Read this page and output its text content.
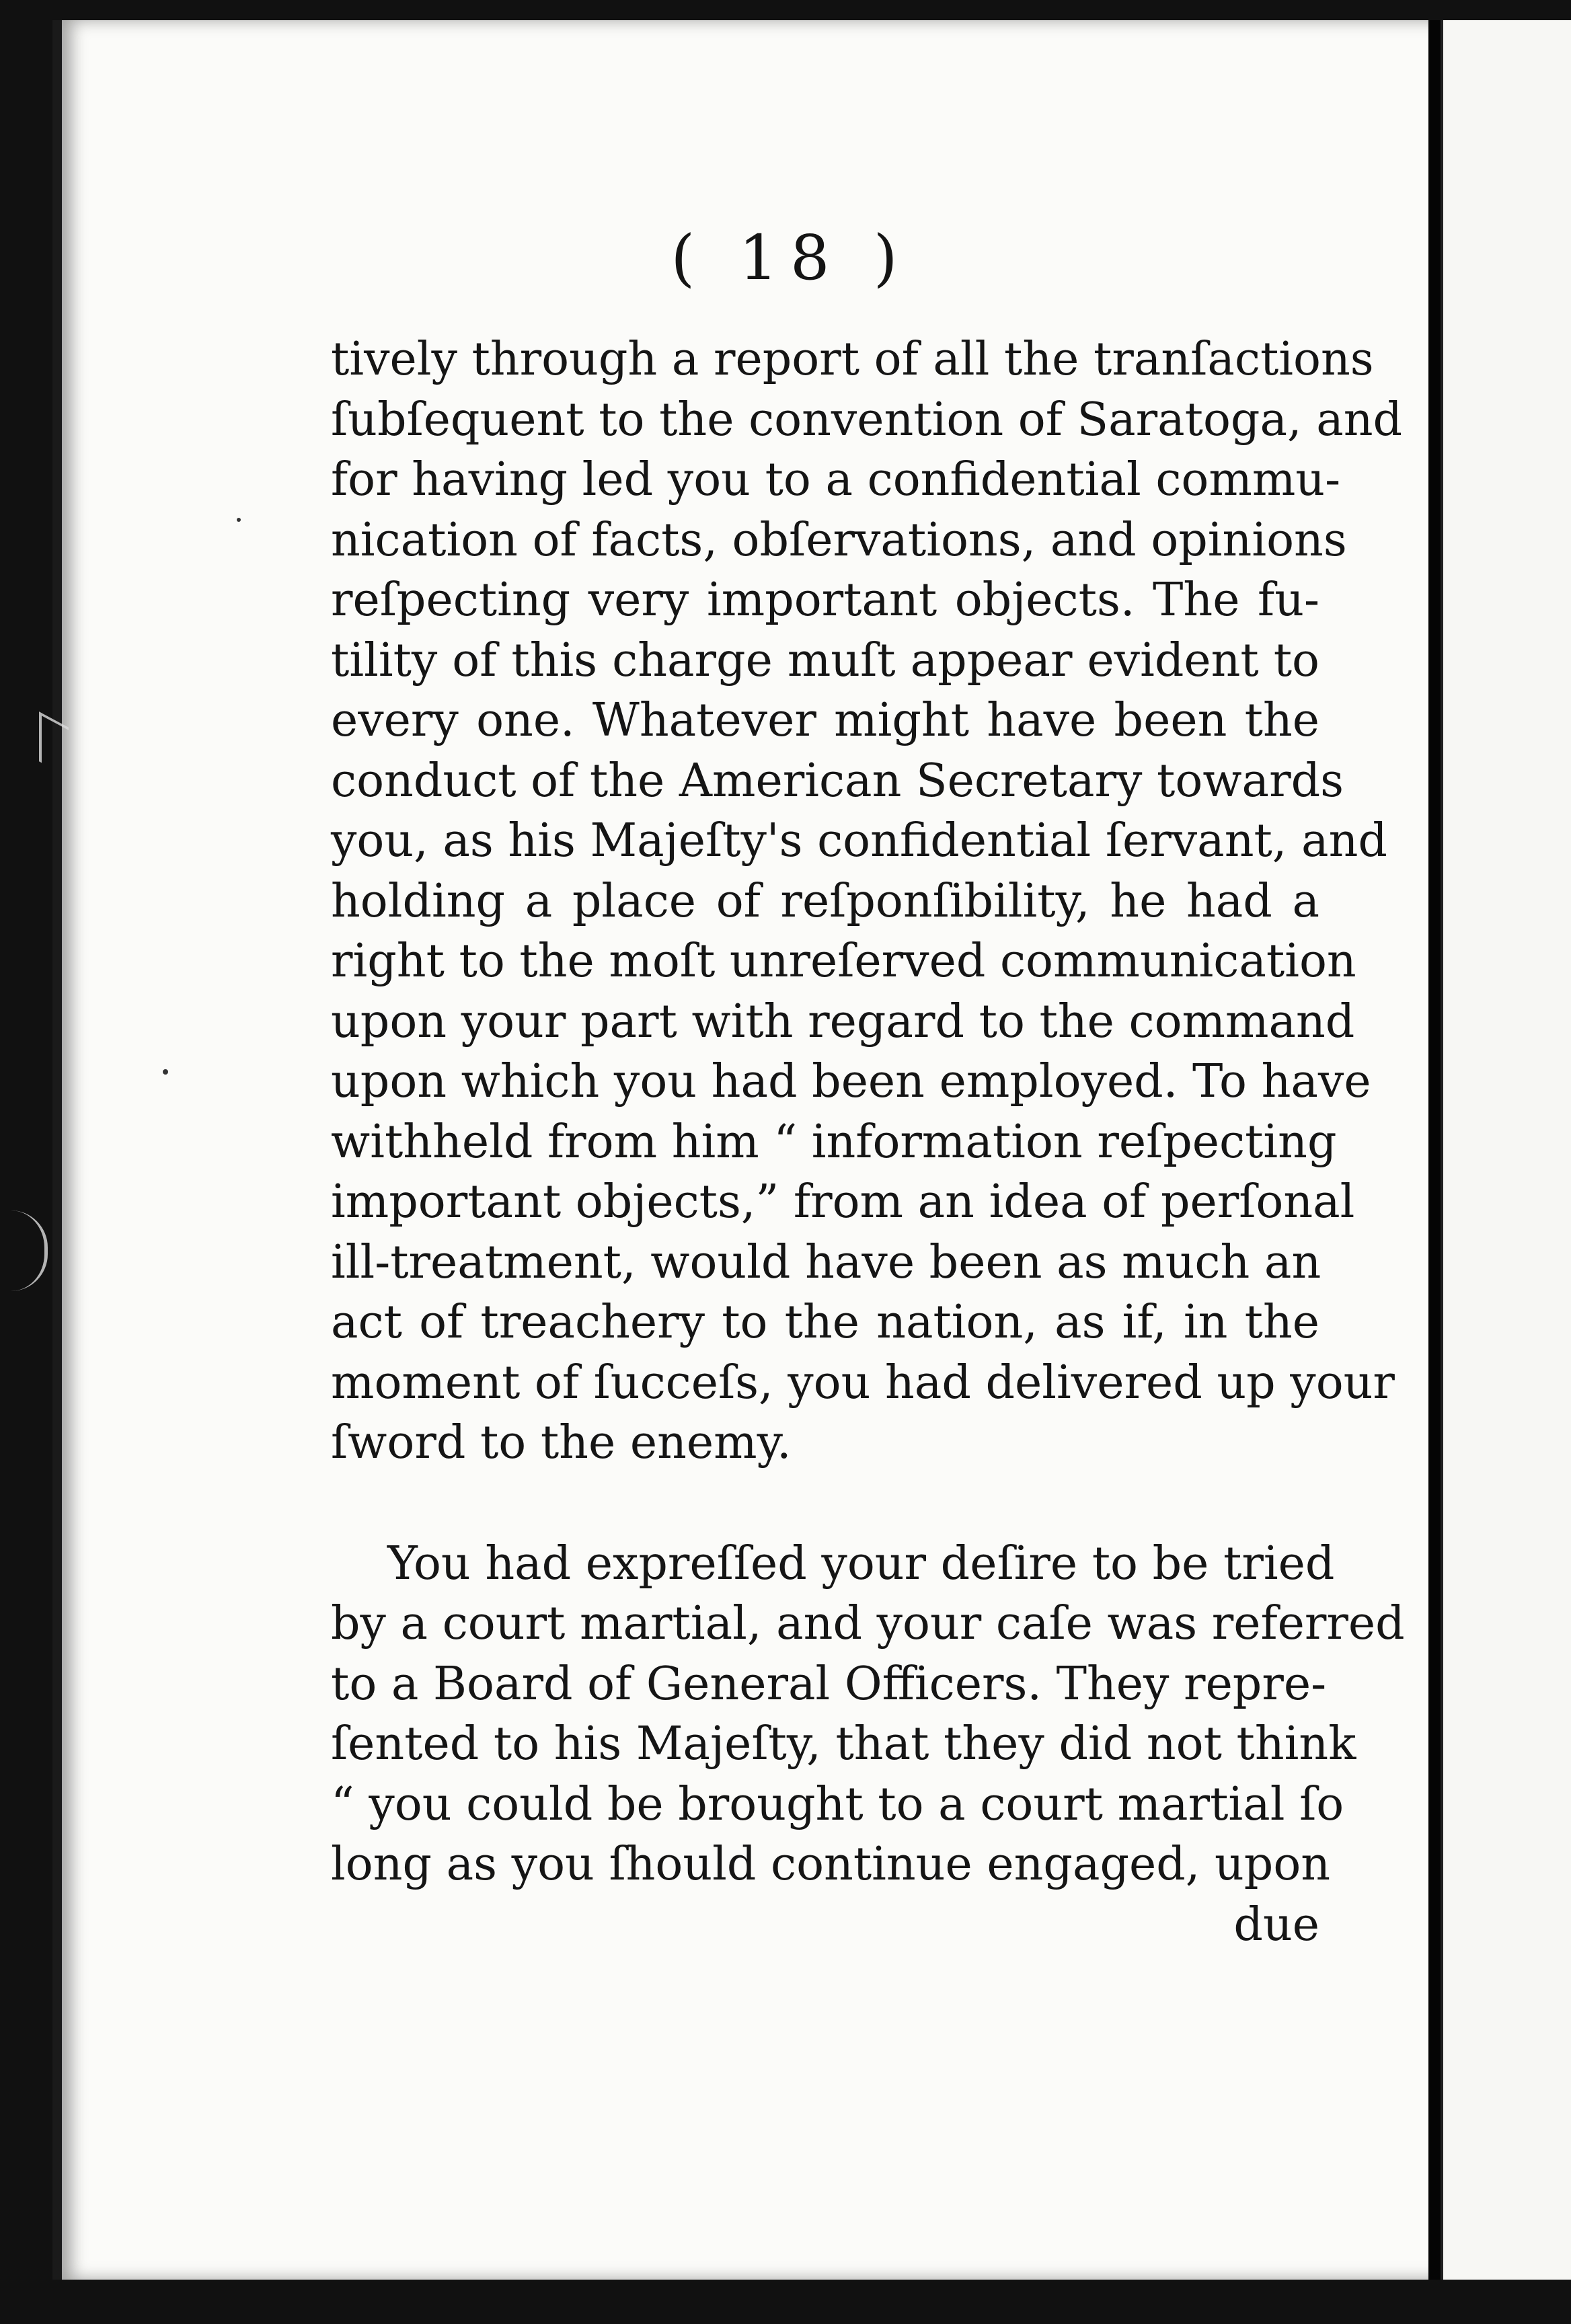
( 18 )
tively through a report of all the tranſactions
ſubſequent to the convention of Saratoga, and
for having led you to a confidential commu-
nication of facts, obſervations, and opinions
reſpecting very important objects. The fu-
tility of this charge muſt appear evident to
every one. Whatever might have been the
conduct of the American Secretary towards
you, as his Majeſty's confidential ſervant, and
holding a place of reſponſibility, he had a
right to the moſt unreſerved communication
upon your part with regard to the command
upon which you had been employed. To have
withheld from him “ information reſpecting
important objects,” from an idea of perſonal
ill-treatment, would have been as much an
act of treachery to the nation, as if, in the
moment of ſucceſs, you had delivered up your
ſword to the enemy.
You had expreſſed your deſire to be tried
by a court martial, and your caſe was referred
to a Board of General Officers. They repre-
ſented to his Majeſty, that they did not think
“ you could be brought to a court martial ſo
long as you ſhould continue engaged, upon
due
